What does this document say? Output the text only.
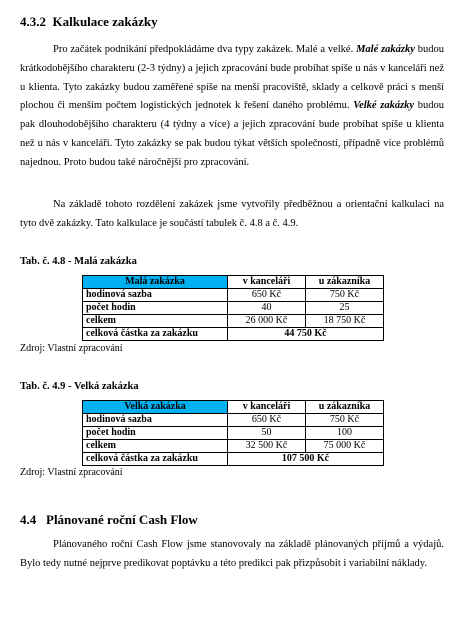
4.3.2 Kalkulace zakázky

Pro začátek podnikání předpokládáme dva typy zakázek. Malé a velké. Malé zakázky budou krátkodobějšího charakteru (2-3 týdny) a jejich zpracování bude probíhat spíše u nás v kanceláři než u klienta. Tyto zakázky budou zaměřené spíše na menší pracoviště, sklady a celkově práci s menší plochou či menším počtem logistických jednotek k řešení daného problému. Velké zakázky budou pak dlouhodobějšího charakteru (4 týdny a více) a jejich zpracování bude probíhat spíše u klienta než u nás v kanceláři. Tyto zakázky se pak budou týkat větších společností, případně více problémů najednou. Proto budou také náročnější pro zpracování.

Na základě tohoto rozdělení zakázek jsme vytvořily předběžnou a orientační kalkulaci na tyto dvě zakázky. Tato kalkulace je součástí tabulek č. 4.8 a č. 4.9.

Tab. č. 4.8 - Malá zakázka
Malá zakázka	v kanceláři	u zákazníka
hodinová sazba	650 Kč	750 Kč
počet hodin	40	25
celkem	26 000 Kč	18 750 Kč
celková částka za zakázku	44 750 Kč	
Zdroj: Vlastní zpracování
Tab. č. 4.9 - Velká zakázka
Velká zakázka	v kanceláři	u zákazníka
hodinová sazba	650 Kč	750 Kč
počet hodin	50	100
celkem	32 500 Kč	75 000 Kč
celková částka za zakázku	107 500 Kč	
Zdroj: Vlastní zpracování
4.4 Plánované roční Cash Flow

Plánovaného roční Cash Flow jsme stanovovaly na základě plánovaných příjmů a výdajů. Bylo tedy nutné nejprve predikovat poptávku a této predikci pak přizpůsobit i variabilní náklady.
